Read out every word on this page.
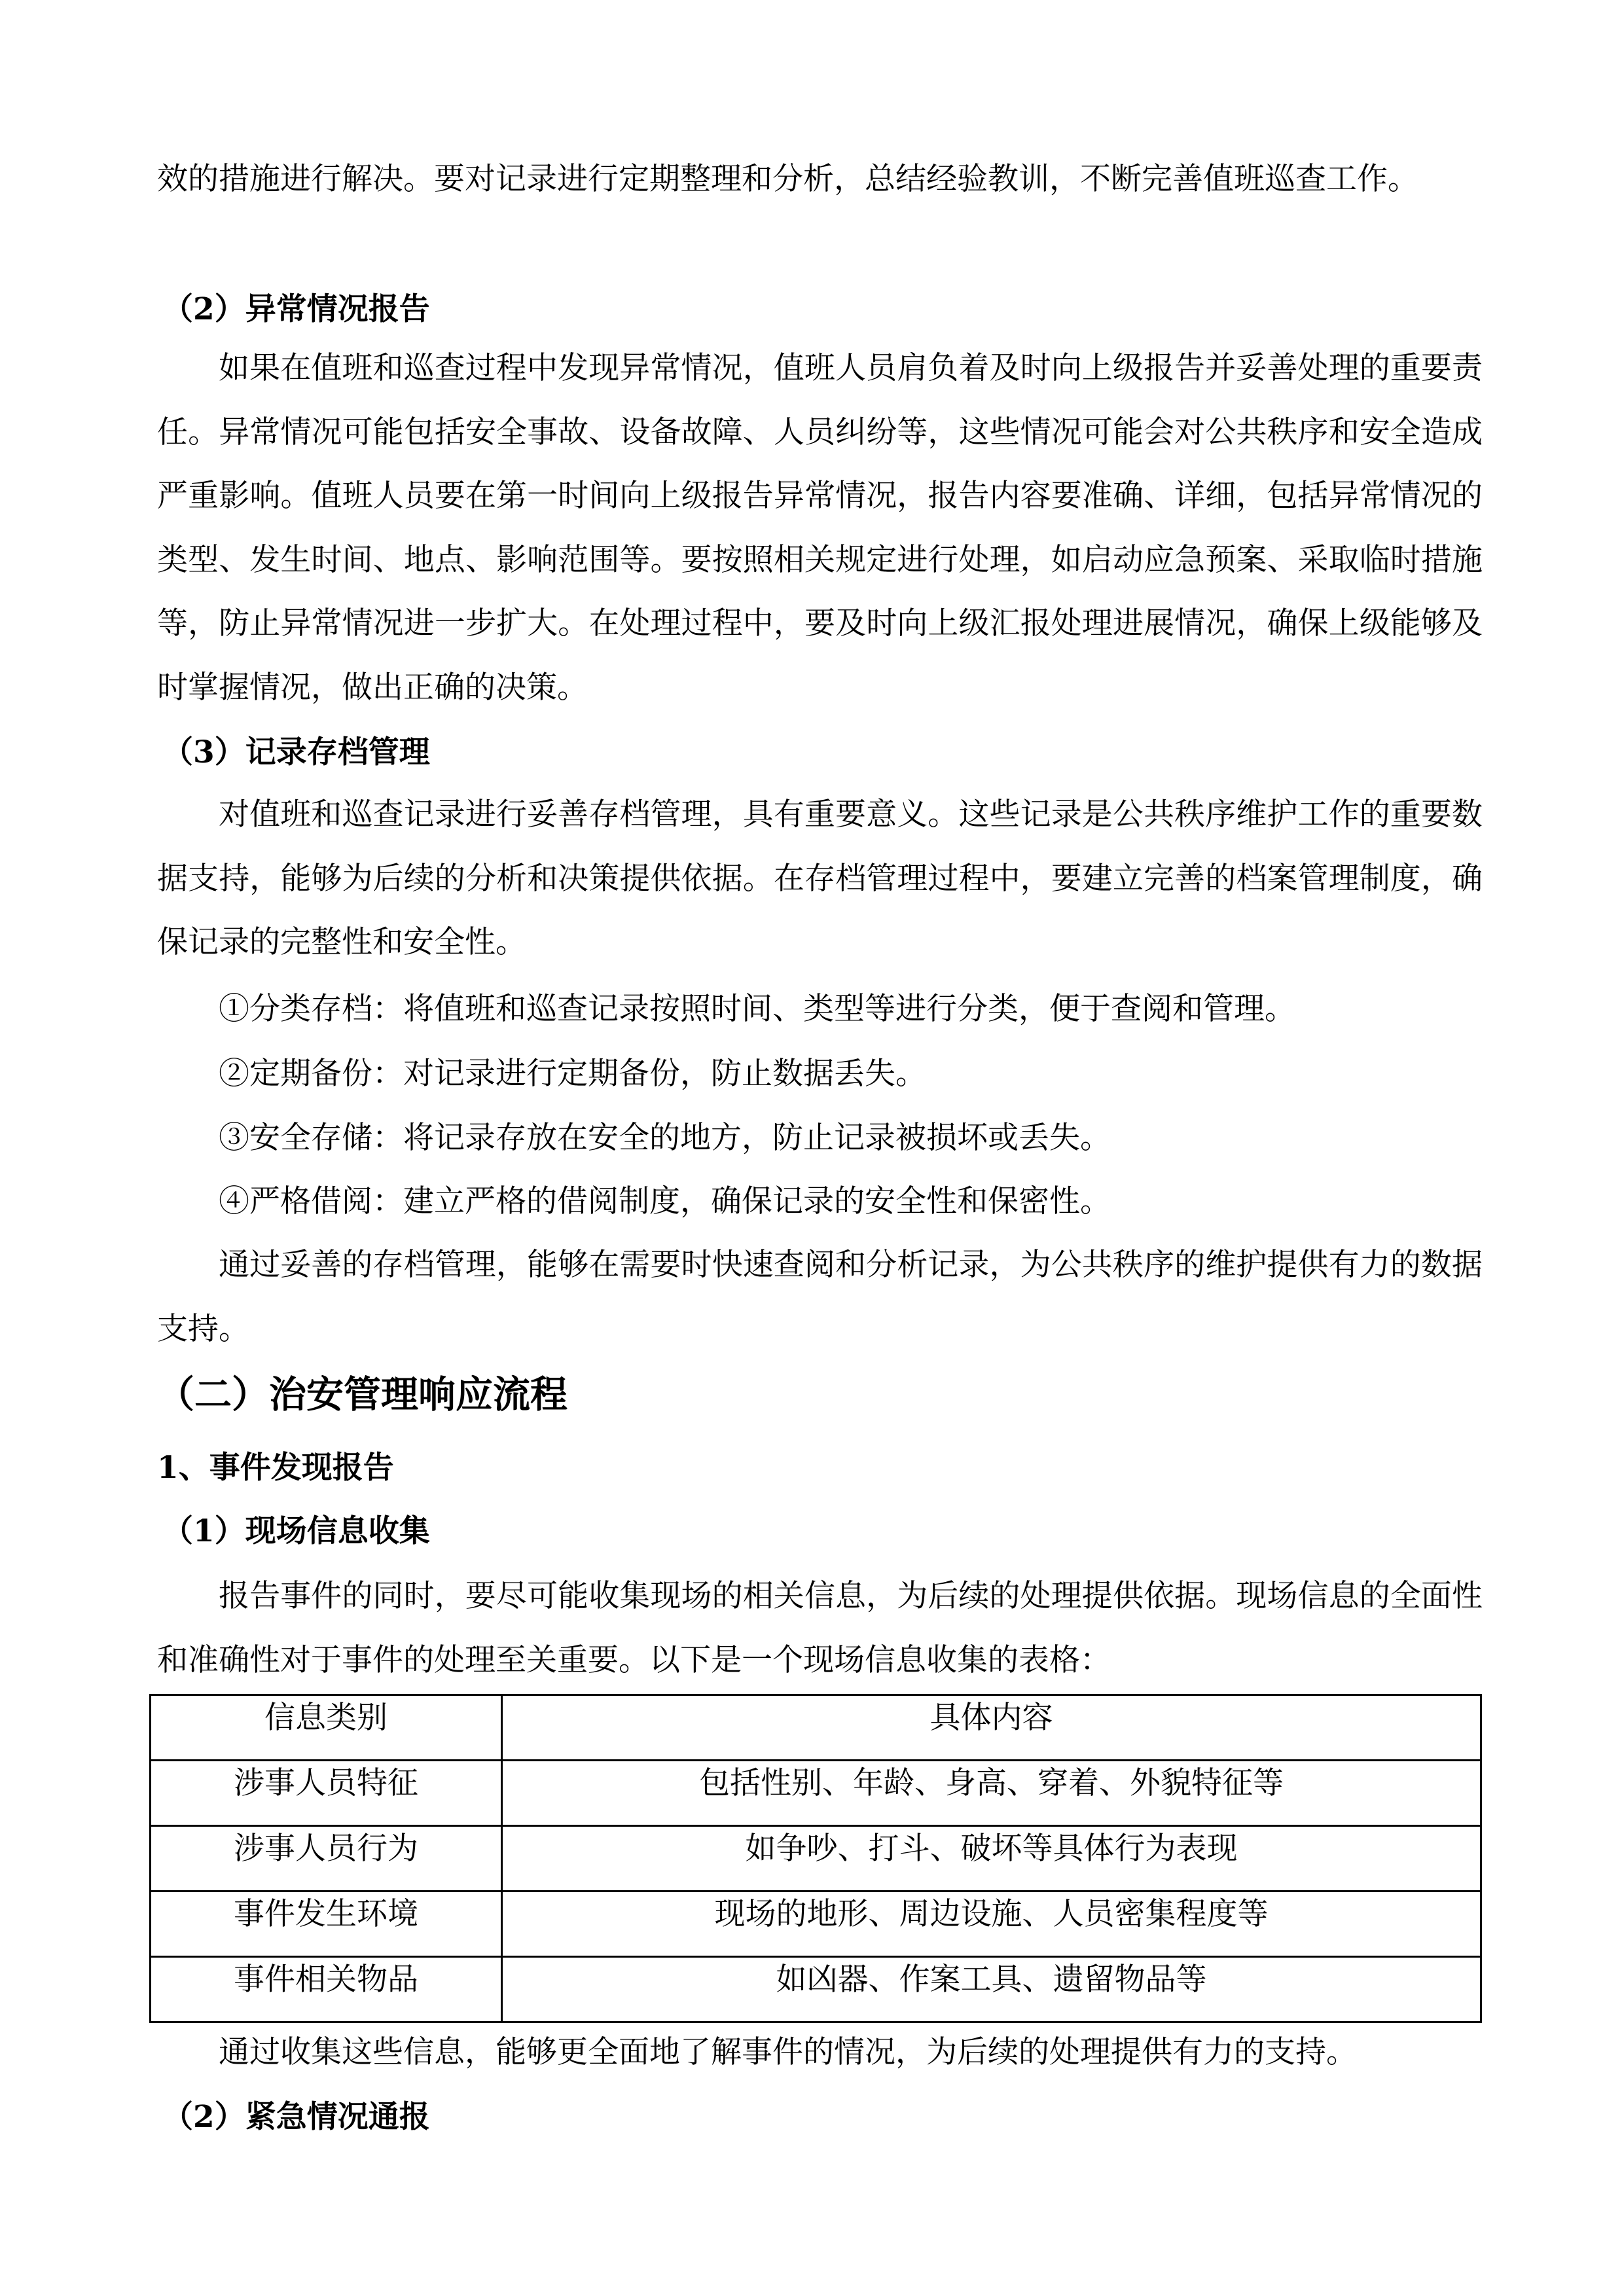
效的措施进行解决。要对记录进行定期整理和分析，总结经验教训，不断完善值班巡查工作。
（2）异常情况报告
如果在值班和巡查过程中发现异常情况，值班人员肩负着及时向上级报告并妥善处理的重要责任。异常情况可能包括安全事故、设备故障、人员纠纷等，这些情况可能会对公共秩序和安全造成严重影响。值班人员要在第一时间向上级报告异常情况，报告内容要准确、详细，包括异常情况的类型、发生时间、地点、影响范围等。要按照相关规定进行处理，如启动应急预案、采取临时措施等，防止异常情况进一步扩大。在处理过程中，要及时向上级汇报处理进展情况，确保上级能够及时掌握情况，做出正确的决策。
（3）记录存档管理
对值班和巡查记录进行妥善存档管理，具有重要意义。这些记录是公共秩序维护工作的重要数据支持，能够为后续的分析和决策提供依据。在存档管理过程中，要建立完善的档案管理制度，确保记录的完整性和安全性。
①分类存档：将值班和巡查记录按照时间、类型等进行分类，便于查阅和管理。
②定期备份：对记录进行定期备份，防止数据丢失。
③安全存储：将记录存放在安全的地方，防止记录被损坏或丢失。
④严格借阅：建立严格的借阅制度，确保记录的安全性和保密性。
通过妥善的存档管理，能够在需要时快速查阅和分析记录，为公共秩序的维护提供有力的数据支持。
（二）治安管理响应流程
1、事件发现报告
（1）现场信息收集
报告事件的同时，要尽可能收集现场的相关信息，为后续的处理提供依据。现场信息的全面性和准确性对于事件的处理至关重要。以下是一个现场信息收集的表格：
信息类别	具体内容
涉事人员特征	包括性别、年龄、身高、穿着、外貌特征等
涉事人员行为	如争吵、打斗、破坏等具体行为表现
事件发生环境	现场的地形、周边设施、人员密集程度等
事件相关物品	如凶器、作案工具、遗留物品等
通过收集这些信息，能够更全面地了解事件的情况，为后续的处理提供有力的支持。
（2）紧急情况通报
